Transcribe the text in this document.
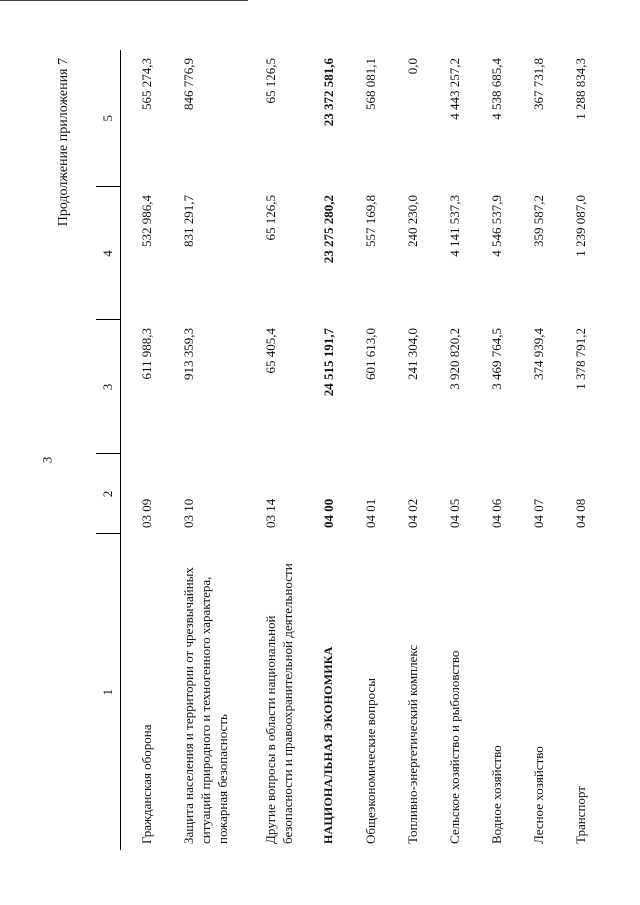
3
Продолжение приложения 7
1	2	3	4	5
Гражданская оборона	03 09	611 988,3	532 986,4	565 274,3
Защита населения и территории от чрезвычайных ситуаций природного и техногенного характера, пожарная безопасность	03 10	913 359,3	831 291,7	846 776,9
Другие вопросы в области национальной безопасности и правоохранительной деятельности	03 14	65 405,4	65 126,5	65 126,5
НАЦИОНАЛЬНАЯ ЭКОНОМИКА	04 00	24 515 191,7	23 275 280,2	23 372 581,6
Общеэкономические вопросы	04 01	601 613,0	557 169,8	568 081,1
Топливно-энергетический комплекс	04 02	241 304,0	240 230,0	0,0
Сельское хозяйство и рыболовство	04 05	3 920 820,2	4 141 537,3	4 443 257,2
Водное хозяйство	04 06	3 469 764,5	4 546 537,9	4 538 685,4
Лесное хозяйство	04 07	374 939,4	359 587,2	367 731,8
Транспорт	04 08	1 378 791,2	1 239 087,0	1 288 834,3
